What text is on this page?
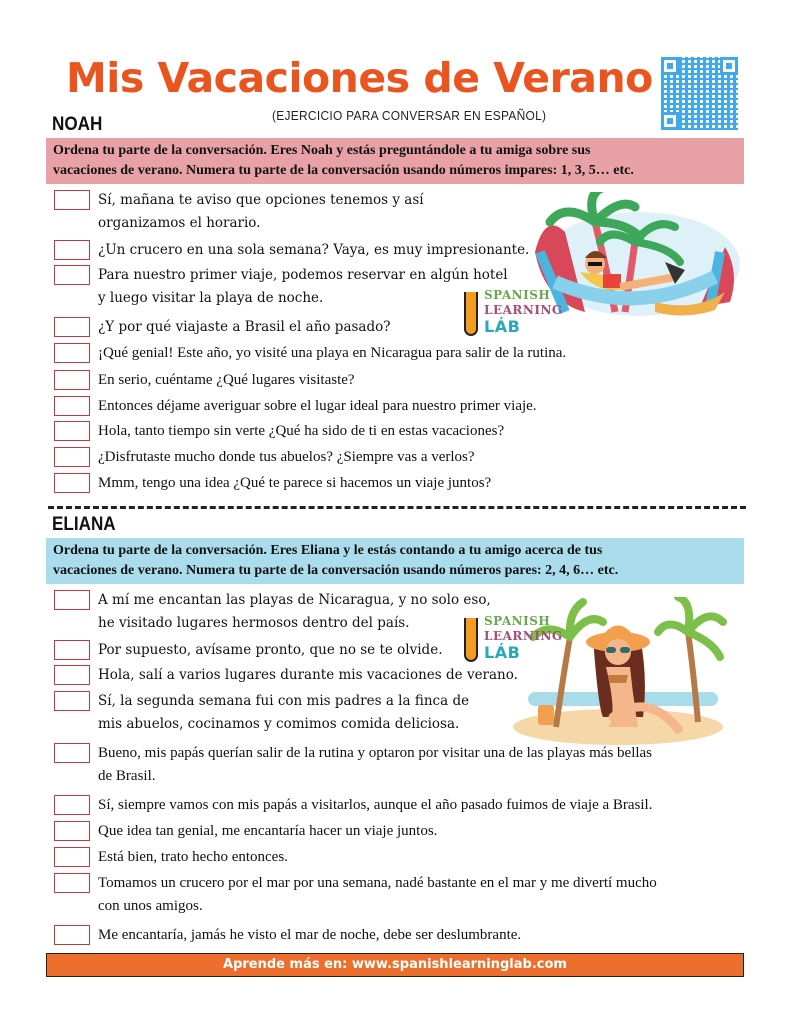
Mis Vacaciones de Verano
(EJERCICIO PARA CONVERSAR EN ESPAÑOL)
NOAH
Ordena tu parte de la conversación. Eres Noah y estás preguntándole a tu amiga sobre sus
vacaciones de verano. Numera tu parte de la conversación usando números impares: 1, 3, 5… etc.
Sí, mañana te aviso que opciones tenemos y así
organizamos el horario.
¿Un crucero en una sola semana? Vaya, es muy impresionante.
Para nuestro primer viaje, podemos reservar en algún hotel
y luego visitar la playa de noche.
¿Y por qué viajaste a Brasil el año pasado?
¡Qué genial! Este año, yo visité una playa en Nicaragua para salir de la rutina.
En serio, cuéntame ¿Qué lugares visitaste?
Entonces déjame averiguar sobre el lugar ideal para nuestro primer viaje.
Hola, tanto tiempo sin verte ¿Qué ha sido de ti en estas vacaciones?
¿Disfrutaste mucho donde tus abuelos? ¿Siempre vas a verlos?
Mmm, tengo una idea ¿Qué te parece si hacemos un viaje juntos?
SPANISH
LEARNING
LÁB
ELIANA
Ordena tu parte de la conversación. Eres Eliana y le estás contando a tu amigo acerca de tus
vacaciones de verano. Numera tu parte de la conversación usando números pares: 2, 4, 6… etc.
A mí me encantan las playas de Nicaragua, y no solo eso,
he visitado lugares hermosos dentro del país.
Por supuesto, avísame pronto, que no se te olvide.
Hola, salí a varios lugares durante mis vacaciones de verano.
Sí, la segunda semana fui con mis padres a la finca de
mis abuelos, cocinamos y comimos comida deliciosa.
Bueno, mis papás querían salir de la rutina y optaron por visitar una de las playas más bellas
de Brasil.
Sí, siempre vamos con mis papás a visitarlos, aunque el año pasado fuimos de viaje a Brasil.
Que idea tan genial, me encantaría hacer un viaje juntos.
Está bien, trato hecho entonces.
Tomamos un crucero por el mar por una semana, nadé bastante en el mar y me divertí mucho
con unos amigos.
Me encantaría, jamás he visto el mar de noche, debe ser deslumbrante.
SPANISH
LEARNING
LÁB
Aprende más en: www.spanishlearninglab.com
